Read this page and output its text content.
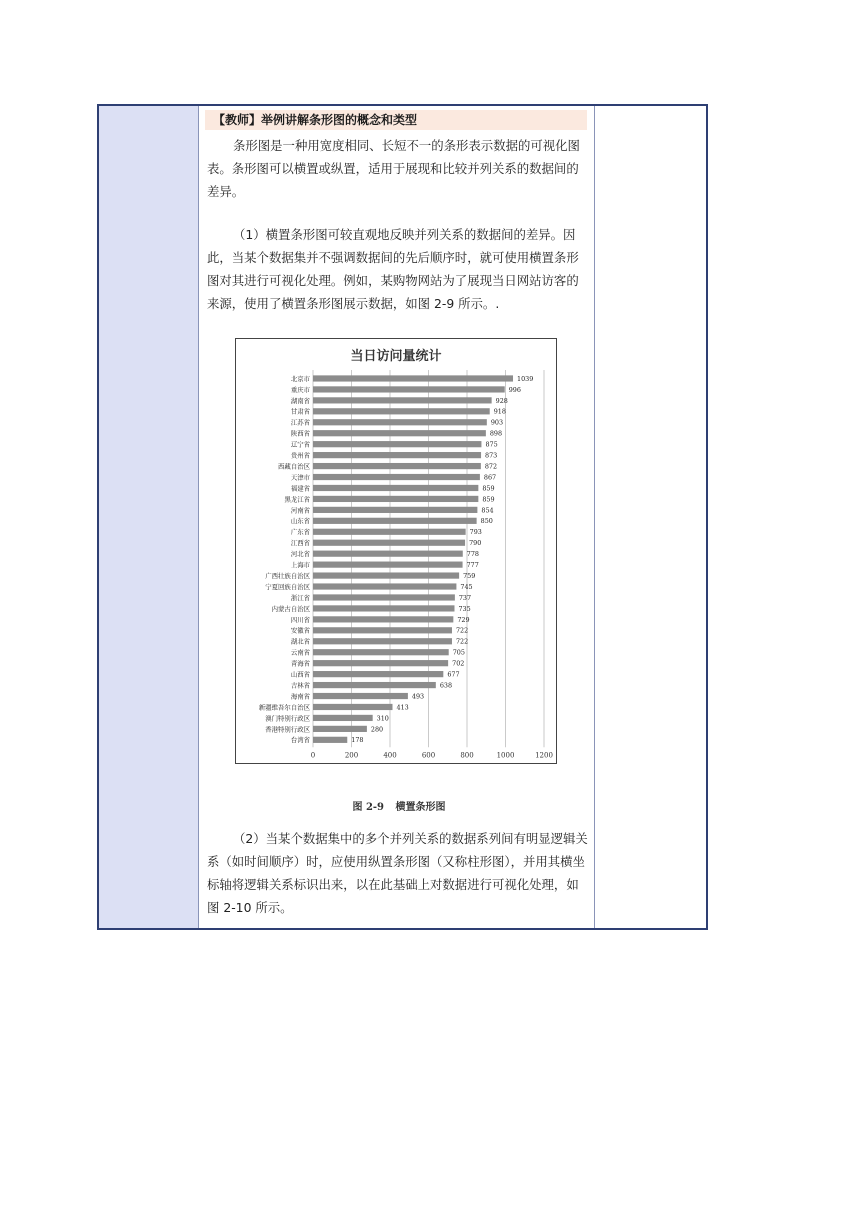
【教师】举例讲解条形图的概念和类型

条形图是一种用宽度相同、长短不一的条形表示数据的可视化图表。条形图可以横置或纵置，适用于展现和比较并列关系的数据间的差异。

（1）横置条形图可较直观地反映并列关系的数据间的差异。因此，当某个数据集并不强调数据间的先后顺序时，就可使用横置条形图对其进行可视化处理。例如，某购物网站为了展现当日网站访客的来源，使用了横置条形图展示数据，如图 2-9 所示。.

当日访问量统计
0	200	400	600	800	1000	1200
北京市	1039
重庆市	996
湖南省	928
甘肃省	918
江苏省	903
陕西省	898
辽宁省	875
贵州省	873
西藏自治区	872
天津市	867
福建省	859
黑龙江省	859
河南省	854
山东省	850
广东省	793
江西省	790
河北省	778
上海市	777
广西壮族自治区	759
宁夏回族自治区	745
浙江省	737
内蒙古自治区	735
四川省	729
安徽省	722
湖北省	722
云南省	705
青海省	702
山西省	677
吉林省	638
海南省	493
新疆维吾尔自治区	413
澳门特别行政区	310
香港特别行政区	280
台湾省	178
图 2-9 横置条形图

（2）当某个数据集中的多个并列关系的数据系列间有明显逻辑关系（如时间顺序）时，应使用纵置条形图（又称柱形图），并用其横坐标轴将逻辑关系标识出来，以在此基础上对数据进行可视化处理，如图 2-10 所示。
